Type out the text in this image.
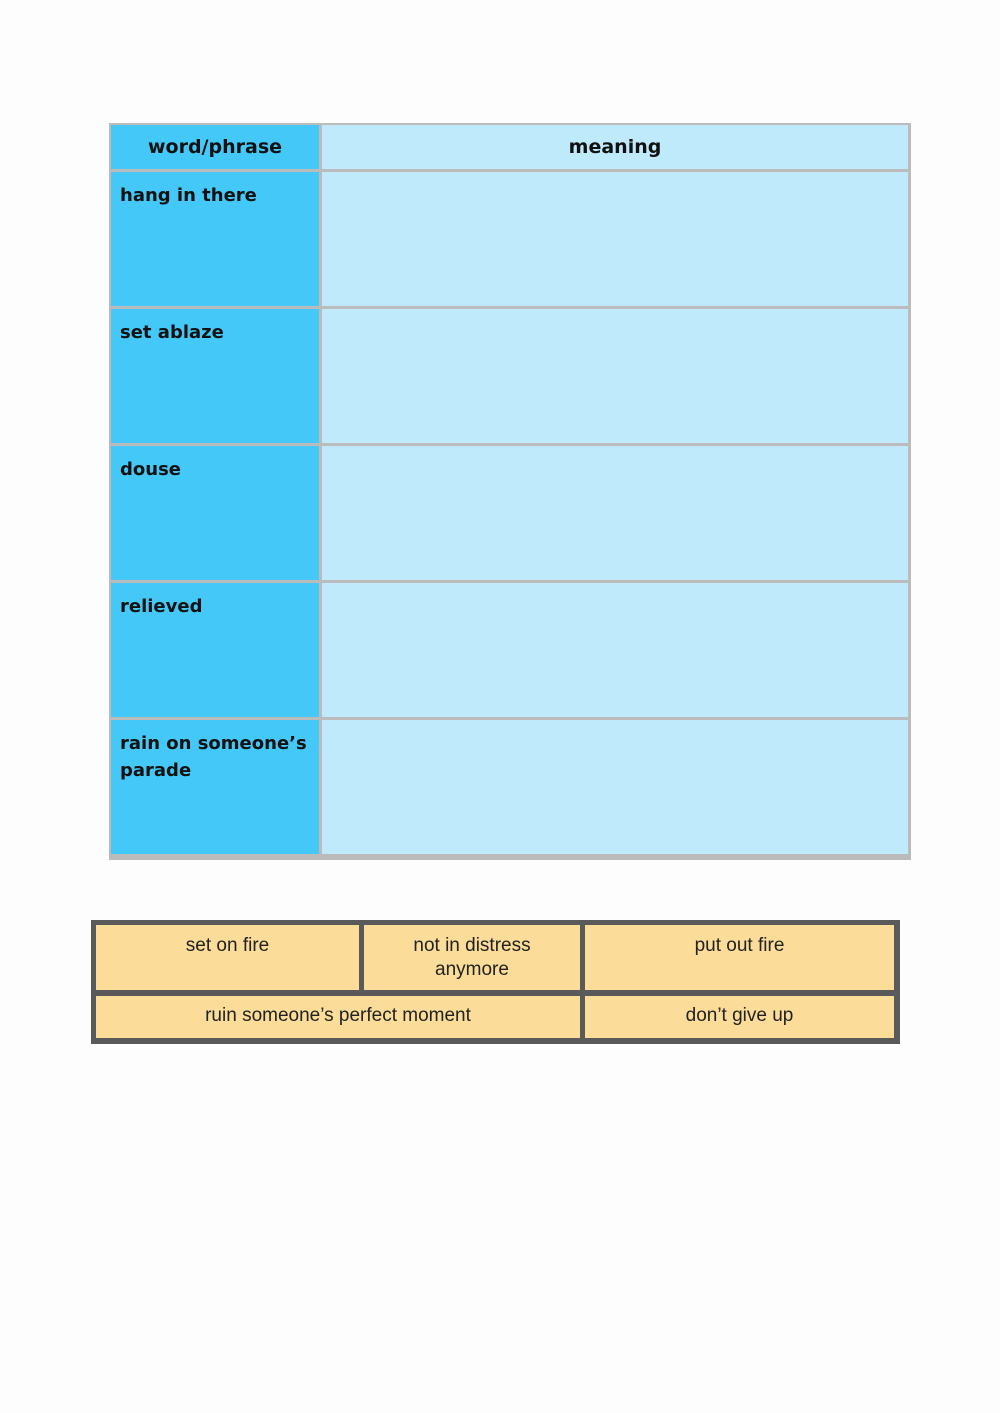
word/phrase	meaning
hang in there
set ablaze
douse
relieved
rain on someone’s parade
set on fire	not in distress anymore
put out fire
ruin someone’s perfect moment	don’t give up
